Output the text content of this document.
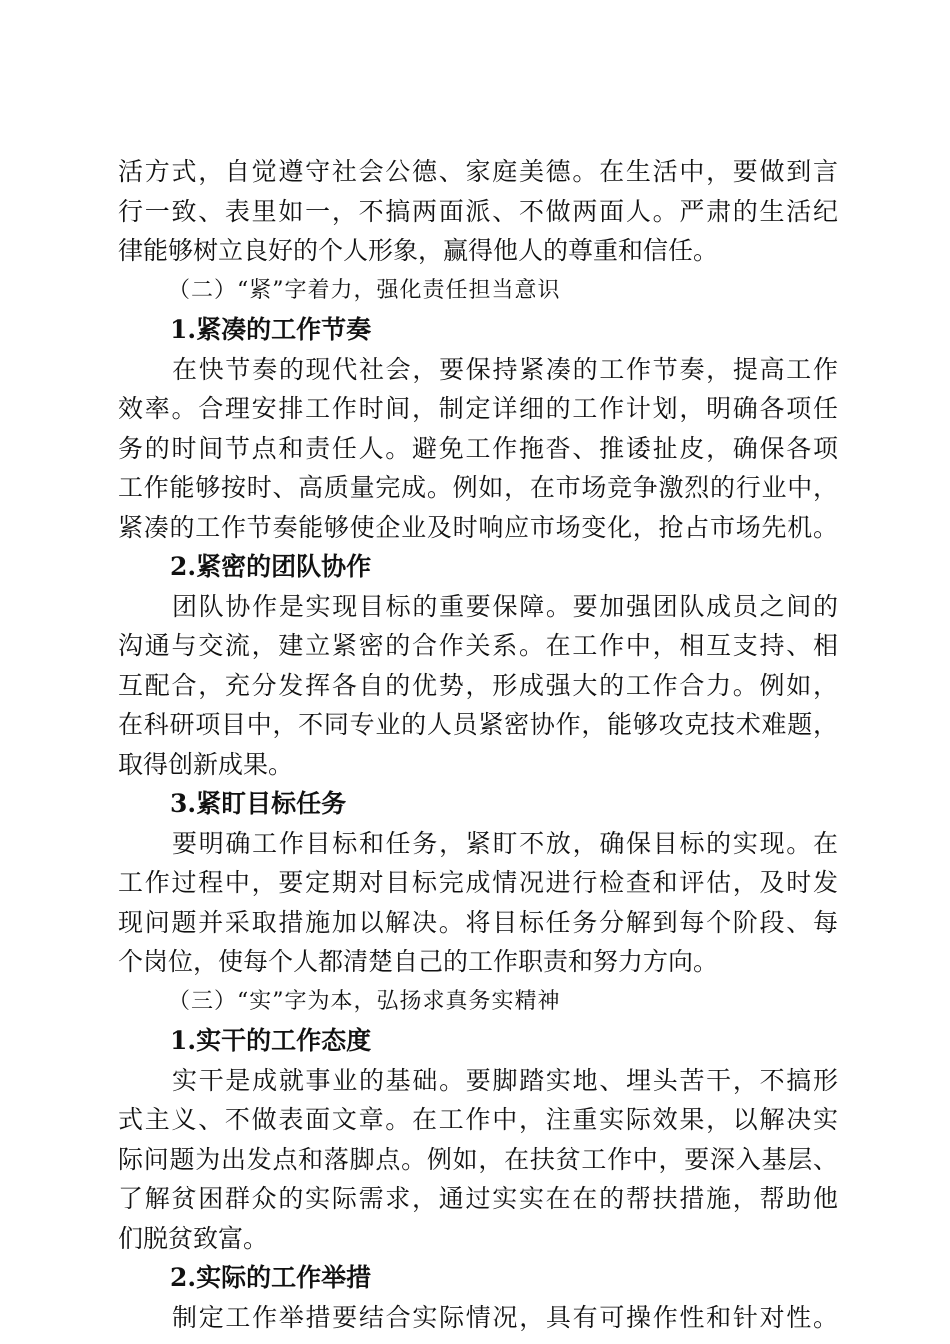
活方式，自觉遵守社会公德、家庭美德。在生活中，要做到言
行一致、表里如一，不搞两面派、不做两面人。严肃的生活纪
律能够树立良好的个人形象，赢得他人的尊重和信任。
（二）“紧”字着力，强化责任担当意识
1.紧凑的工作节奏
在快节奏的现代社会，要保持紧凑的工作节奏，提高工作
效率。合理安排工作时间，制定详细的工作计划，明确各项任
务的时间节点和责任人。避免工作拖沓、推诿扯皮，确保各项
工作能够按时、高质量完成。例如，在市场竞争激烈的行业中，
紧凑的工作节奏能够使企业及时响应市场变化，抢占市场先机。
2.紧密的团队协作
团队协作是实现目标的重要保障。要加强团队成员之间的
沟通与交流，建立紧密的合作关系。在工作中，相互支持、相
互配合，充分发挥各自的优势，形成强大的工作合力。例如，
在科研项目中，不同专业的人员紧密协作，能够攻克技术难题，
取得创新成果。
3.紧盯目标任务
要明确工作目标和任务，紧盯不放，确保目标的实现。在
工作过程中，要定期对目标完成情况进行检查和评估，及时发
现问题并采取措施加以解决。将目标任务分解到每个阶段、每
个岗位，使每个人都清楚自己的工作职责和努力方向。
（三）“实”字为本，弘扬求真务实精神
1.实干的工作态度
实干是成就事业的基础。要脚踏实地、埋头苦干，不搞形
式主义、不做表面文章。在工作中，注重实际效果，以解决实
际问题为出发点和落脚点。例如，在扶贫工作中，要深入基层、
了解贫困群众的实际需求，通过实实在在的帮扶措施，帮助他
们脱贫致富。
2.实际的工作举措
制定工作举措要结合实际情况，具有可操作性和针对性。
